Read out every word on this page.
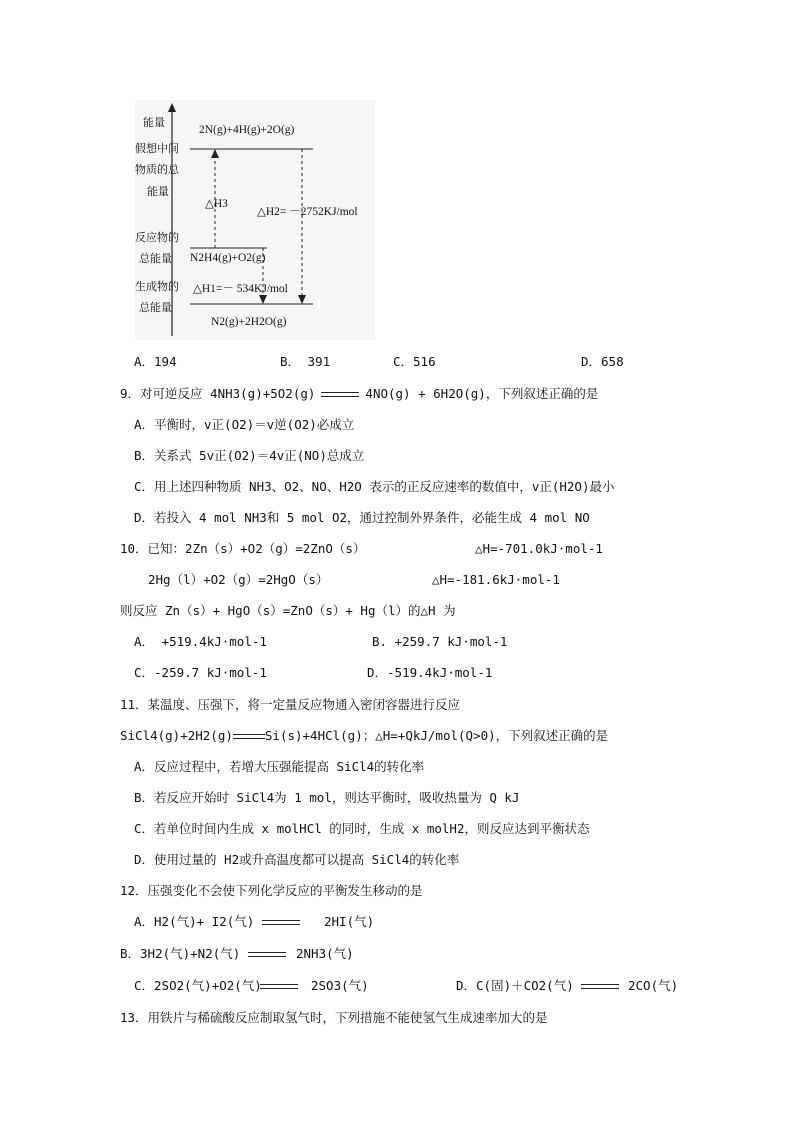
能量
假想中间
物质的总
能量
反应物的
总能量
生成物的
总能量
2N(g)+4H(g)+2O(g)
△H3
△H2= －2752KJ/mol
N2H4(g)+O2(g)
△H1=－ 534KJ/mol
N2(g)+2H2O(g)
A．194	B． 391	C．516	D．658
9．对可逆反应 4NH3(g)+5O2(g)	4NO(g) + 6H2O(g)，下列叙述正确的是
A．平衡时，v正(O2)＝v逆(O2)必成立
B．关系式 5v正(O2)＝4v正(NO)总成立
C．用上述四种物质 NH3、O2、NO、H2O 表示的正反应速率的数值中，v正(H2O)最小
D．若投入 4 mol NH3和 5 mol O2，通过控制外界条件，必能生成 4 mol NO
10．已知：2Zn（s）+O2（g）=2ZnO（s）	△H=-701.0kJ·mol-1
2Hg（l）+O2（g）=2HgO（s）	△H=-181.6kJ·mol-1
则反应 Zn（s）+ HgO（s）=ZnO（s）+ Hg（l）的△H 为
A． +519.4kJ·mol-1	B. +259.7 kJ·mol-1
C．-259.7 kJ·mol-1	D．-519.4kJ·mol-1
11．某温度、压强下，将一定量反应物通入密闭容器进行反应
SiCl4(g)+2H2(g)	Si(s)+4HCl(g)；△H=+QkJ/mol(Q>0)，下列叙述正确的是
A．反应过程中，若增大压强能提高 SiCl4的转化率
B．若反应开始时 SiCl4为 1 mol，则达平衡时，吸收热量为 Q kJ
C．若单位时间内生成 x molHCl 的同时，生成 x molH2，则反应达到平衡状态
D．使用过量的 H2或升高温度都可以提高 SiCl4的转化率
12．压强变化不会使下列化学反应的平衡发生移动的是
A．H2(气)+ I2(气)	2HI(气)
B．3H2(气)+N2(气)	2NH3(气)
C．2SO2(气)+O2(气)	2SO3(气)	D．C(固)＋CO2(气)	2CO(气)
13．用铁片与稀硫酸反应制取氢气时，下列措施不能使氢气生成速率加大的是
